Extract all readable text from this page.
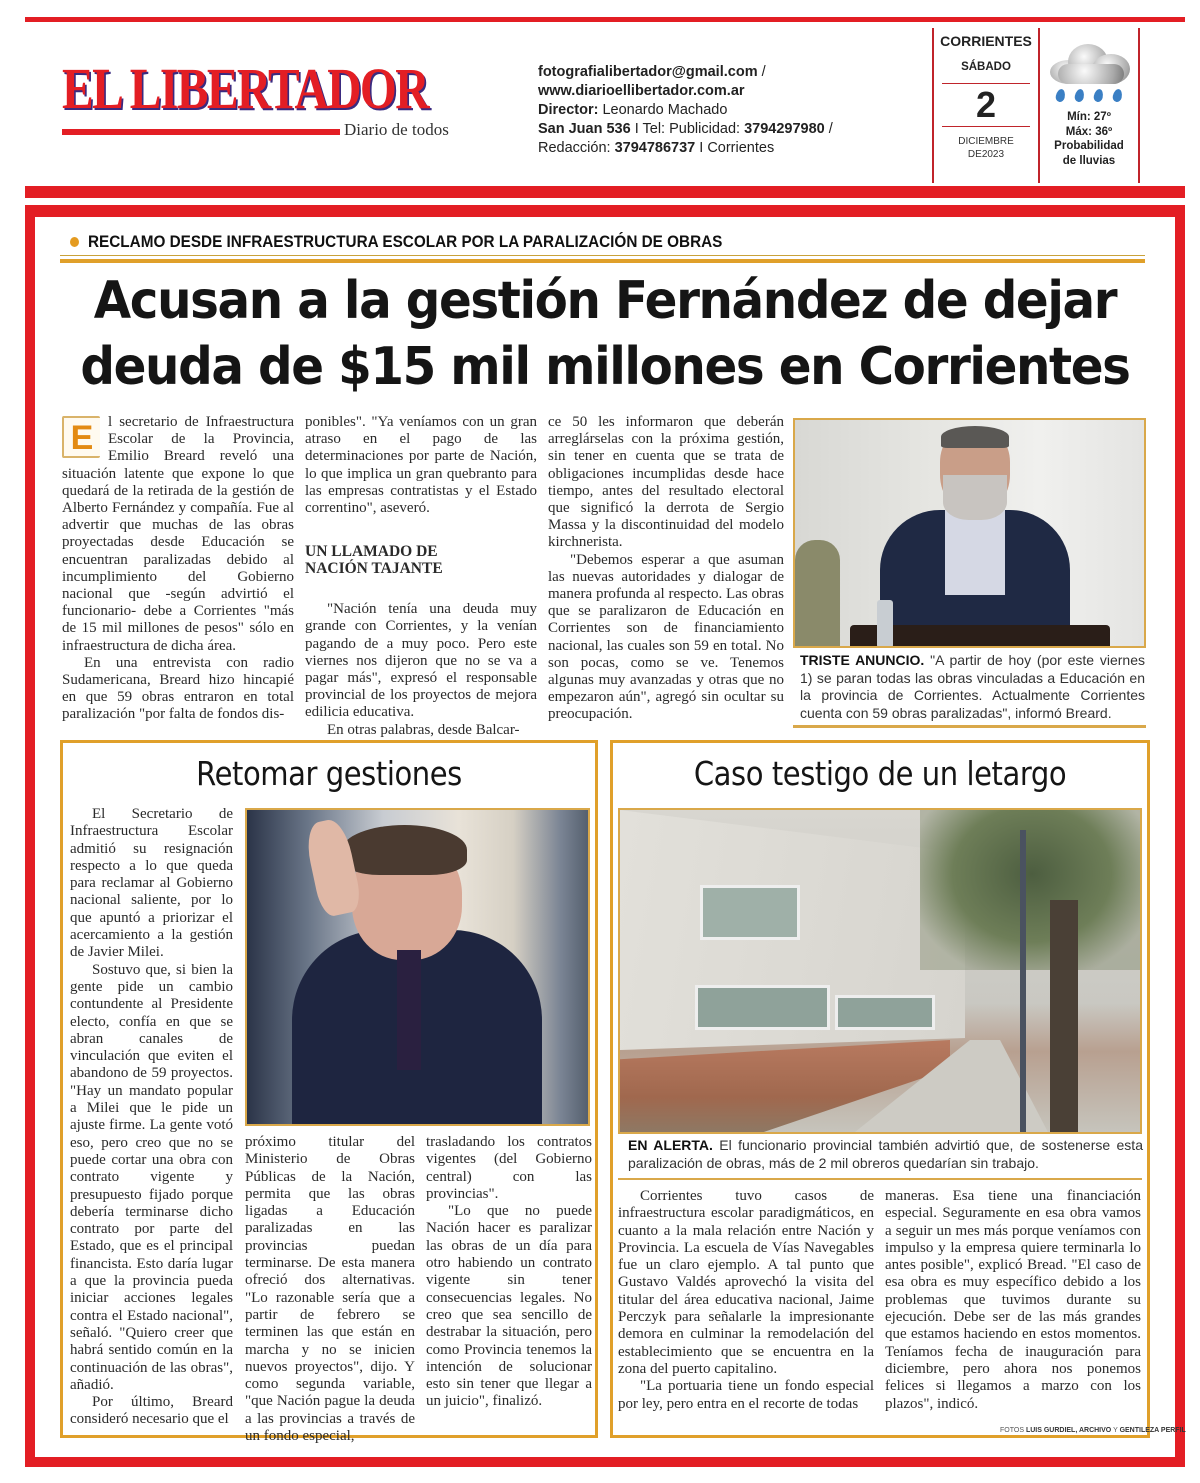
EL LIBERTADOR
Diario de todos
fotografialibertador@gmail.com /
www.diarioellibertador.com.ar
Director: Leonardo Machado
San Juan 536 I Tel: Publicidad: 3794297980 /
Redacción: 3794786737 I Corrientes
CORRIENTES
SÁBADO
2
DICIEMBRE
DE2023
Mín: 27º
Máx: 36º
Probabilidad
de lluvias
RECLAMO DESDE INFRAESTRUCTURA ESCOLAR POR LA PARALIZACIÓN DE OBRAS
Acusan a la gestión Fernández de dejar
deuda de $15 mil millones en Corrientes

E l secretario de Infraestructura Escolar de la Provincia, Emilio Breard reveló una situación latente que expone lo que quedará de la retirada de la gestión de Alberto Fernández y compañía. Fue al advertir que muchas de las obras proyectadas desde Educación se encuentran paralizadas debido al incumplimiento del Gobierno nacional que -según advirtió el funcionario- debe a Corrientes "más de 15 mil millones de pesos" sólo en infraestructura de dicha área.

En una entrevista con radio Sudamericana, Breard hizo hincapié en que 59 obras entraron en total paralización "por falta de fondos dis-

ponibles". "Ya veníamos con un gran atraso en el pago de las determinaciones por parte de Nación, lo que implica un gran quebranto para las empresas contratistas y el Estado correntino", aseveró.

UN LLAMADO DE
NACIÓN TAJANTE

"Nación tenía una deuda muy grande con Corrientes, y la venían pagando de a muy poco. Pero este viernes nos dijeron que no se va a pagar más", expresó el responsable provincial de los proyectos de mejora edilicia educativa.

En otras palabras, desde Balcar-

ce 50 les informaron que deberán arreglárselas con la próxima gestión, sin tener en cuenta que se trata de obligaciones incumplidas desde hace tiempo, antes del resultado electoral que significó la derrota de Sergio Massa y la discontinuidad del modelo kirchnerista.

"Debemos esperar a que asuman las nuevas autoridades y dialogar de manera profunda al respecto. Las obras que se paralizaron de Educación en Corrientes son de financiamiento nacional, las cuales son 59 en total. No son pocas, como se ve. Tenemos algunas muy avanzadas y otras que no empezaron aún", agregó sin ocultar su preocupación.

TRISTE ANUNCIO. "A partir de hoy (por este viernes 1) se paran todas las obras vinculadas a Educación en la provincia de Corrientes. Actualmente Corrientes cuenta con 59 obras paralizadas", informó Breard.
Retomar gestiones

El Secretario de Infraestructura Escolar admitió su resignación respecto a lo que queda para reclamar al Gobierno nacional saliente, por lo que apuntó a priorizar el acercamiento a la gestión de Javier Milei.

Sostuvo que, si bien la gente pide un cambio contundente al Presidente electo, confía en que se abran canales de vinculación que eviten el abandono de 59 proyectos. "Hay un mandato popular a Milei que le pide un ajuste firme. La gente votó eso, pero creo que no se puede cortar una obra con contrato vigente y presupuesto fijado porque debería terminarse dicho contrato por parte del Estado, que es el principal financista. Esto daría lugar a que la provincia pueda iniciar acciones legales contra el Estado nacional", señaló. "Quiero creer que habrá sentido común en la continuación de las obras", añadió.

Por último, Breard consideró necesario que el

próximo titular del Ministerio de Obras Públicas de la Nación, permita que las obras ligadas a Educación paralizadas en las provincias puedan terminarse. De esta manera ofreció dos alternativas. "Lo razonable sería que a partir de febrero se terminen las que están en marcha y no se inicien nuevos proyectos", dijo. Y como segunda variable, "que Nación pague la deuda a las provincias a través de un fondo especial,

trasladando los contratos vigentes (del Gobierno central) con las provincias".

"Lo que no puede Nación hacer es paralizar las obras de un día para otro habiendo un contrato vigente sin tener consecuencias legales. No creo que sea sencillo de destrabar la situación, pero como Provincia tenemos la intención de solucionar esto sin tener que llegar a un juicio", finalizó.

Caso testigo de un letargo
EN ALERTA. El funcionario provincial también advirtió que, de sostenerse esta paralización de obras, más de 2 mil obreros quedarían sin trabajo.

Corrientes tuvo casos de infraestructura escolar paradigmáticos, en cuanto a la mala relación entre Nación y Provincia. La escuela de Vías Navegables fue un claro ejemplo. A tal punto que Gustavo Valdés aprovechó la visita del titular del área educativa nacional, Jaime Perczyk para señalarle la impresionante demora en culminar la remodelación del establecimiento que se encuentra en la zona del puerto capitalino.

"La portuaria tiene un fondo especial por ley, pero entra en el recorte de todas

maneras. Esa tiene una financiación especial. Seguramente en esa obra vamos a seguir un mes más porque veníamos con impulso y la empresa quiere terminarla lo antes posible", explicó Bread. "El caso de esa obra es muy específico debido a los problemas que tuvimos durante su ejecución. Debe ser de las más grandes que estamos haciendo en estos momentos. Teníamos fecha de inauguración para diciembre, pero ahora nos ponemos felices si llegamos a marzo con los plazos", indicó.

FOTOS LUIS GURDIEL, ARCHIVO Y GENTILEZA PERFIL
